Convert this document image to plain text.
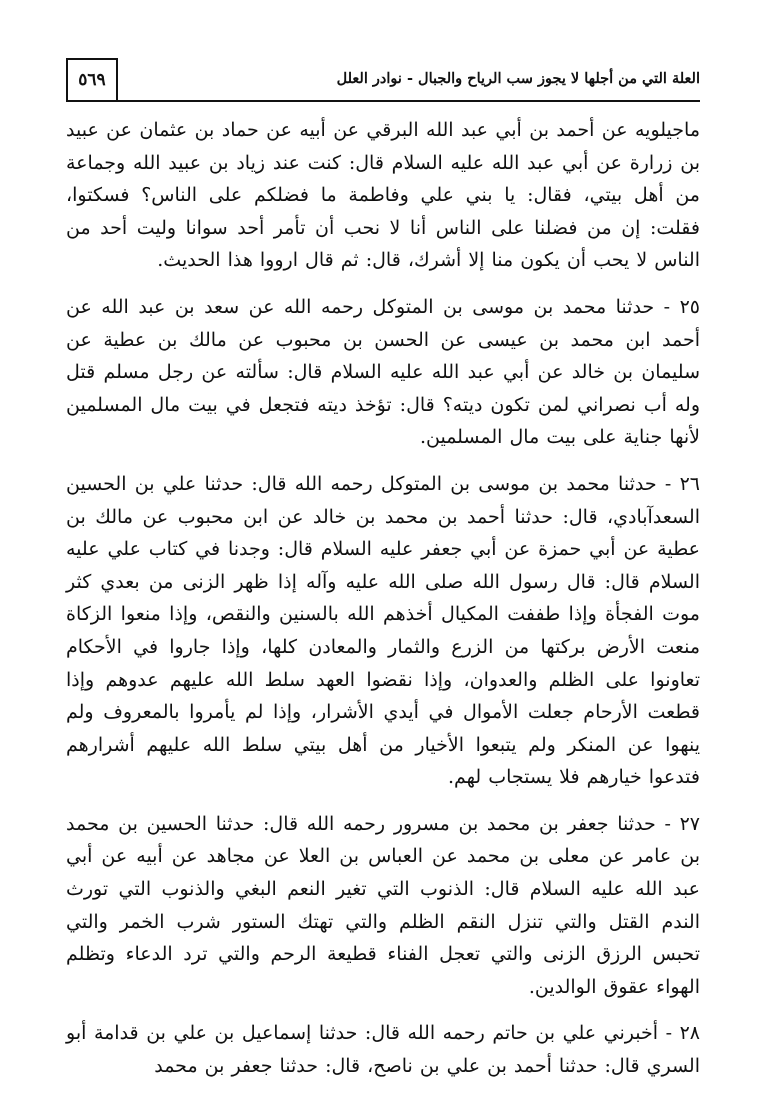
العلة التي من أجلها لا يجوز سب الرياح والجبال - نوادر العلل
٥٦٩

ماجيلويه عن أحمد بن أبي عبد الله البرقي عن أبيه عن حماد بن عثمان عن عبيد بن زرارة عن أبي عبد الله عليه السلام قال: كنت عند زياد بن عبيد الله وجماعة من أهل بيتي، فقال: يا بني علي وفاطمة ما فضلكم على الناس؟ فسكتوا، فقلت: إن من فضلنا على الناس أنا لا نحب أن تأمر أحد سوانا وليت أحد من الناس لا يحب أن يكون منا إلا أشرك، قال: ثم قال ارووا هذا الحديث.

٢٥ - حدثنا محمد بن موسى بن المتوكل رحمه الله عن سعد بن عبد الله عن أحمد ابن محمد بن عيسى عن الحسن بن محبوب عن مالك بن عطية عن سليمان بن خالد عن أبي عبد الله عليه السلام قال: سألته عن رجل مسلم قتل وله أب نصراني لمن تكون ديته؟ قال: تؤخذ ديته فتجعل في بيت مال المسلمين لأنها جناية على بيت مال المسلمين.

٢٦ - حدثنا محمد بن موسى بن المتوكل رحمه الله قال: حدثنا علي بن الحسين السعدآبادي، قال: حدثنا أحمد بن محمد بن خالد عن ابن محبوب عن مالك بن عطية عن أبي حمزة عن أبي جعفر عليه السلام قال: وجدنا في كتاب علي عليه السلام قال: قال رسول الله صلى الله عليه وآله إذا ظهر الزنى من بعدي كثر موت الفجأة وإذا طففت المكيال أخذهم الله بالسنين والنقص، وإذا منعوا الزكاة منعت الأرض بركتها من الزرع والثمار والمعادن كلها، وإذا جاروا في الأحكام تعاونوا على الظلم والعدوان، وإذا نقضوا العهد سلط الله عليهم عدوهم وإذا قطعت الأرحام جعلت الأموال في أيدي الأشرار، وإذا لم يأمروا بالمعروف ولم ينهوا عن المنكر ولم يتبعوا الأخيار من أهل بيتي سلط الله عليهم أشرارهم فتدعوا خيارهم فلا يستجاب لهم.

٢٧ - حدثنا جعفر بن محمد بن مسرور رحمه الله قال: حدثنا الحسين بن محمد بن عامر عن معلى بن محمد عن العباس بن العلا عن مجاهد عن أبيه عن أبي عبد الله عليه السلام قال: الذنوب التي تغير النعم البغي والذنوب التي تورث الندم القتل والتي تنزل النقم الظلم والتي تهتك الستور شرب الخمر والتي تحبس الرزق الزنى والتي تعجل الفناء قطيعة الرحم والتي ترد الدعاء وتظلم الهواء عقوق الوالدين.

٢٨ - أخبرني علي بن حاتم رحمه الله قال: حدثنا إسماعيل بن علي بن قدامة أبو السري قال: حدثنا أحمد بن علي بن ناصح، قال: حدثنا جعفر بن محمد
